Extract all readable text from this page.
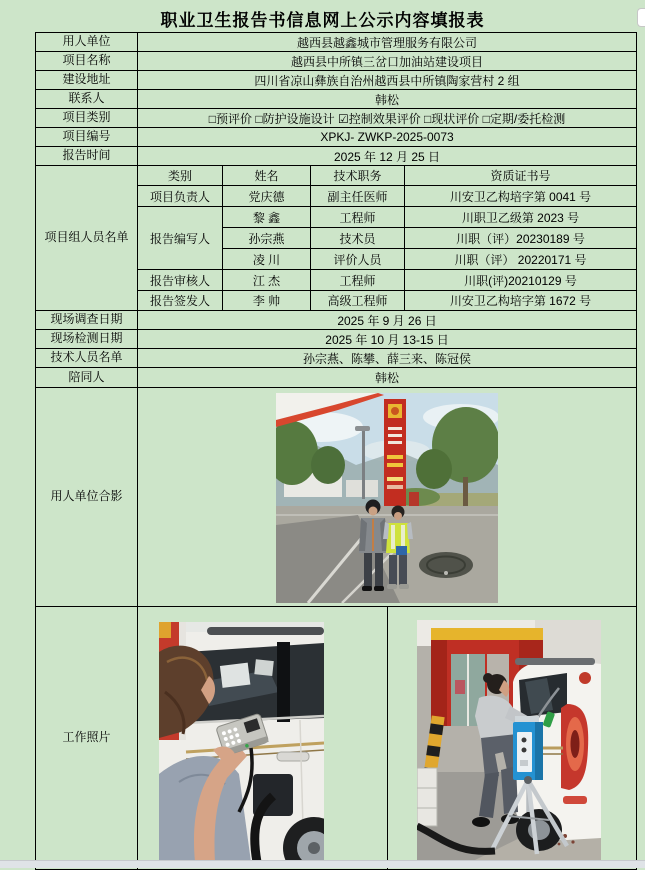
职业卫生报告书信息网上公示内容填报表
用人单位	越西县越鑫城市管理服务有限公司			
项目名称	越西县中所镇三岔口加油站建设项目			
建设地址	四川省凉山彝族自治州越西县中所镇陶家营村 2 组			
联系人	韩松			
项目类别	□预评价 □防护设施设计 ☑控制效果评价 □现状评价 □定期/委托检测			
项目编号	XPKJ- ZWKP-2025-0073			
报告时间	2025 年 12 月 25 日			
项目组人员名单	类别	姓名	技术职务	资质证书号
	项目负责人	党庆德	副主任医师	川安卫乙构培字第 0041 号
	报告编写人	黎 鑫	工程师	川职卫乙级第 2023 号
		孙宗燕	技术员	川职（评）20230189 号
		凌 川	评价人员	川职（评） 20220171 号
	报告审核人	江 杰	工程师	川职(评)20210129 号
	报告签发人	李 帅	高级工程师	川安卫乙构培字第 1672 号
现场调查日期	2025 年 9 月 26 日			
现场检测日期	2025 年 10 月 13-15 日			
技术人员名单	孙宗燕、陈攀、薛三来、陈冠侯			
陪同人	韩松			
用人单位合影	

工作照片	
